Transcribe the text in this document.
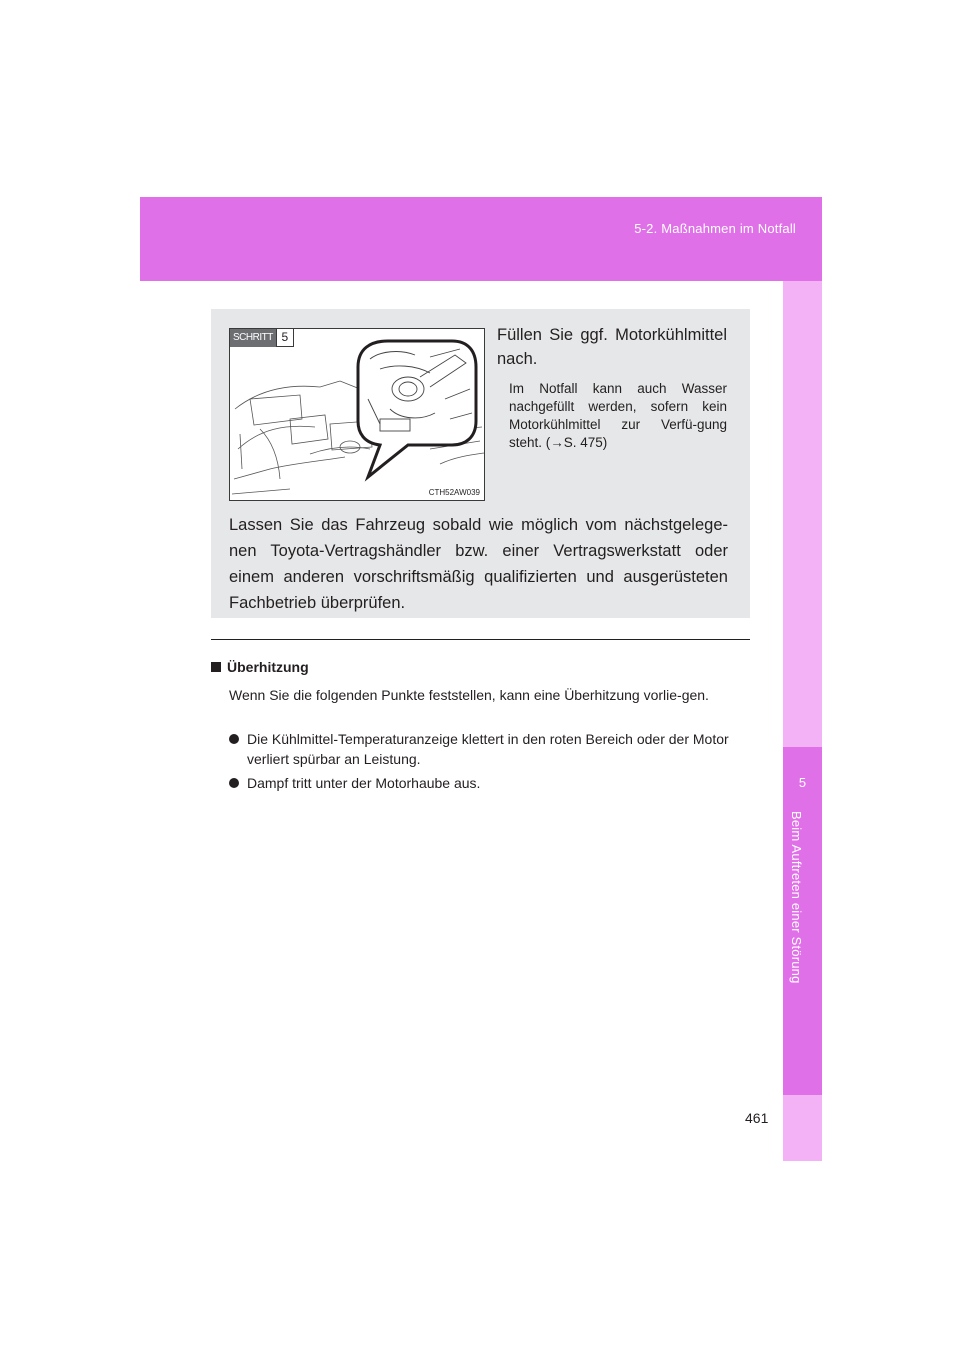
5-2. Maßnahmen im Notfall
5
Beim Auftreten einer Störung
SCHRITT 5
CTH52AW039
Füllen Sie ggf. Motorkühlmittel nach.
Im Notfall kann auch Wasser nachgefüllt werden, sofern kein Motorkühlmittel zur Verfü-gung steht. (→S. 475)
Lassen Sie das Fahrzeug sobald wie möglich vom nächstgelege-nen Toyota-Vertragshändler bzw. einer Vertragswerkstatt oder einem anderen vorschriftsmäßig qualifizierten und ausgerüsteten Fachbetrieb überprüfen.
Überhitzung
Wenn Sie die folgenden Punkte feststellen, kann eine Überhitzung vorlie-gen.
Die Kühlmittel-Temperaturanzeige klettert in den roten Bereich oder der Motor verliert spürbar an Leistung.
Dampf tritt unter der Motorhaube aus.
461
